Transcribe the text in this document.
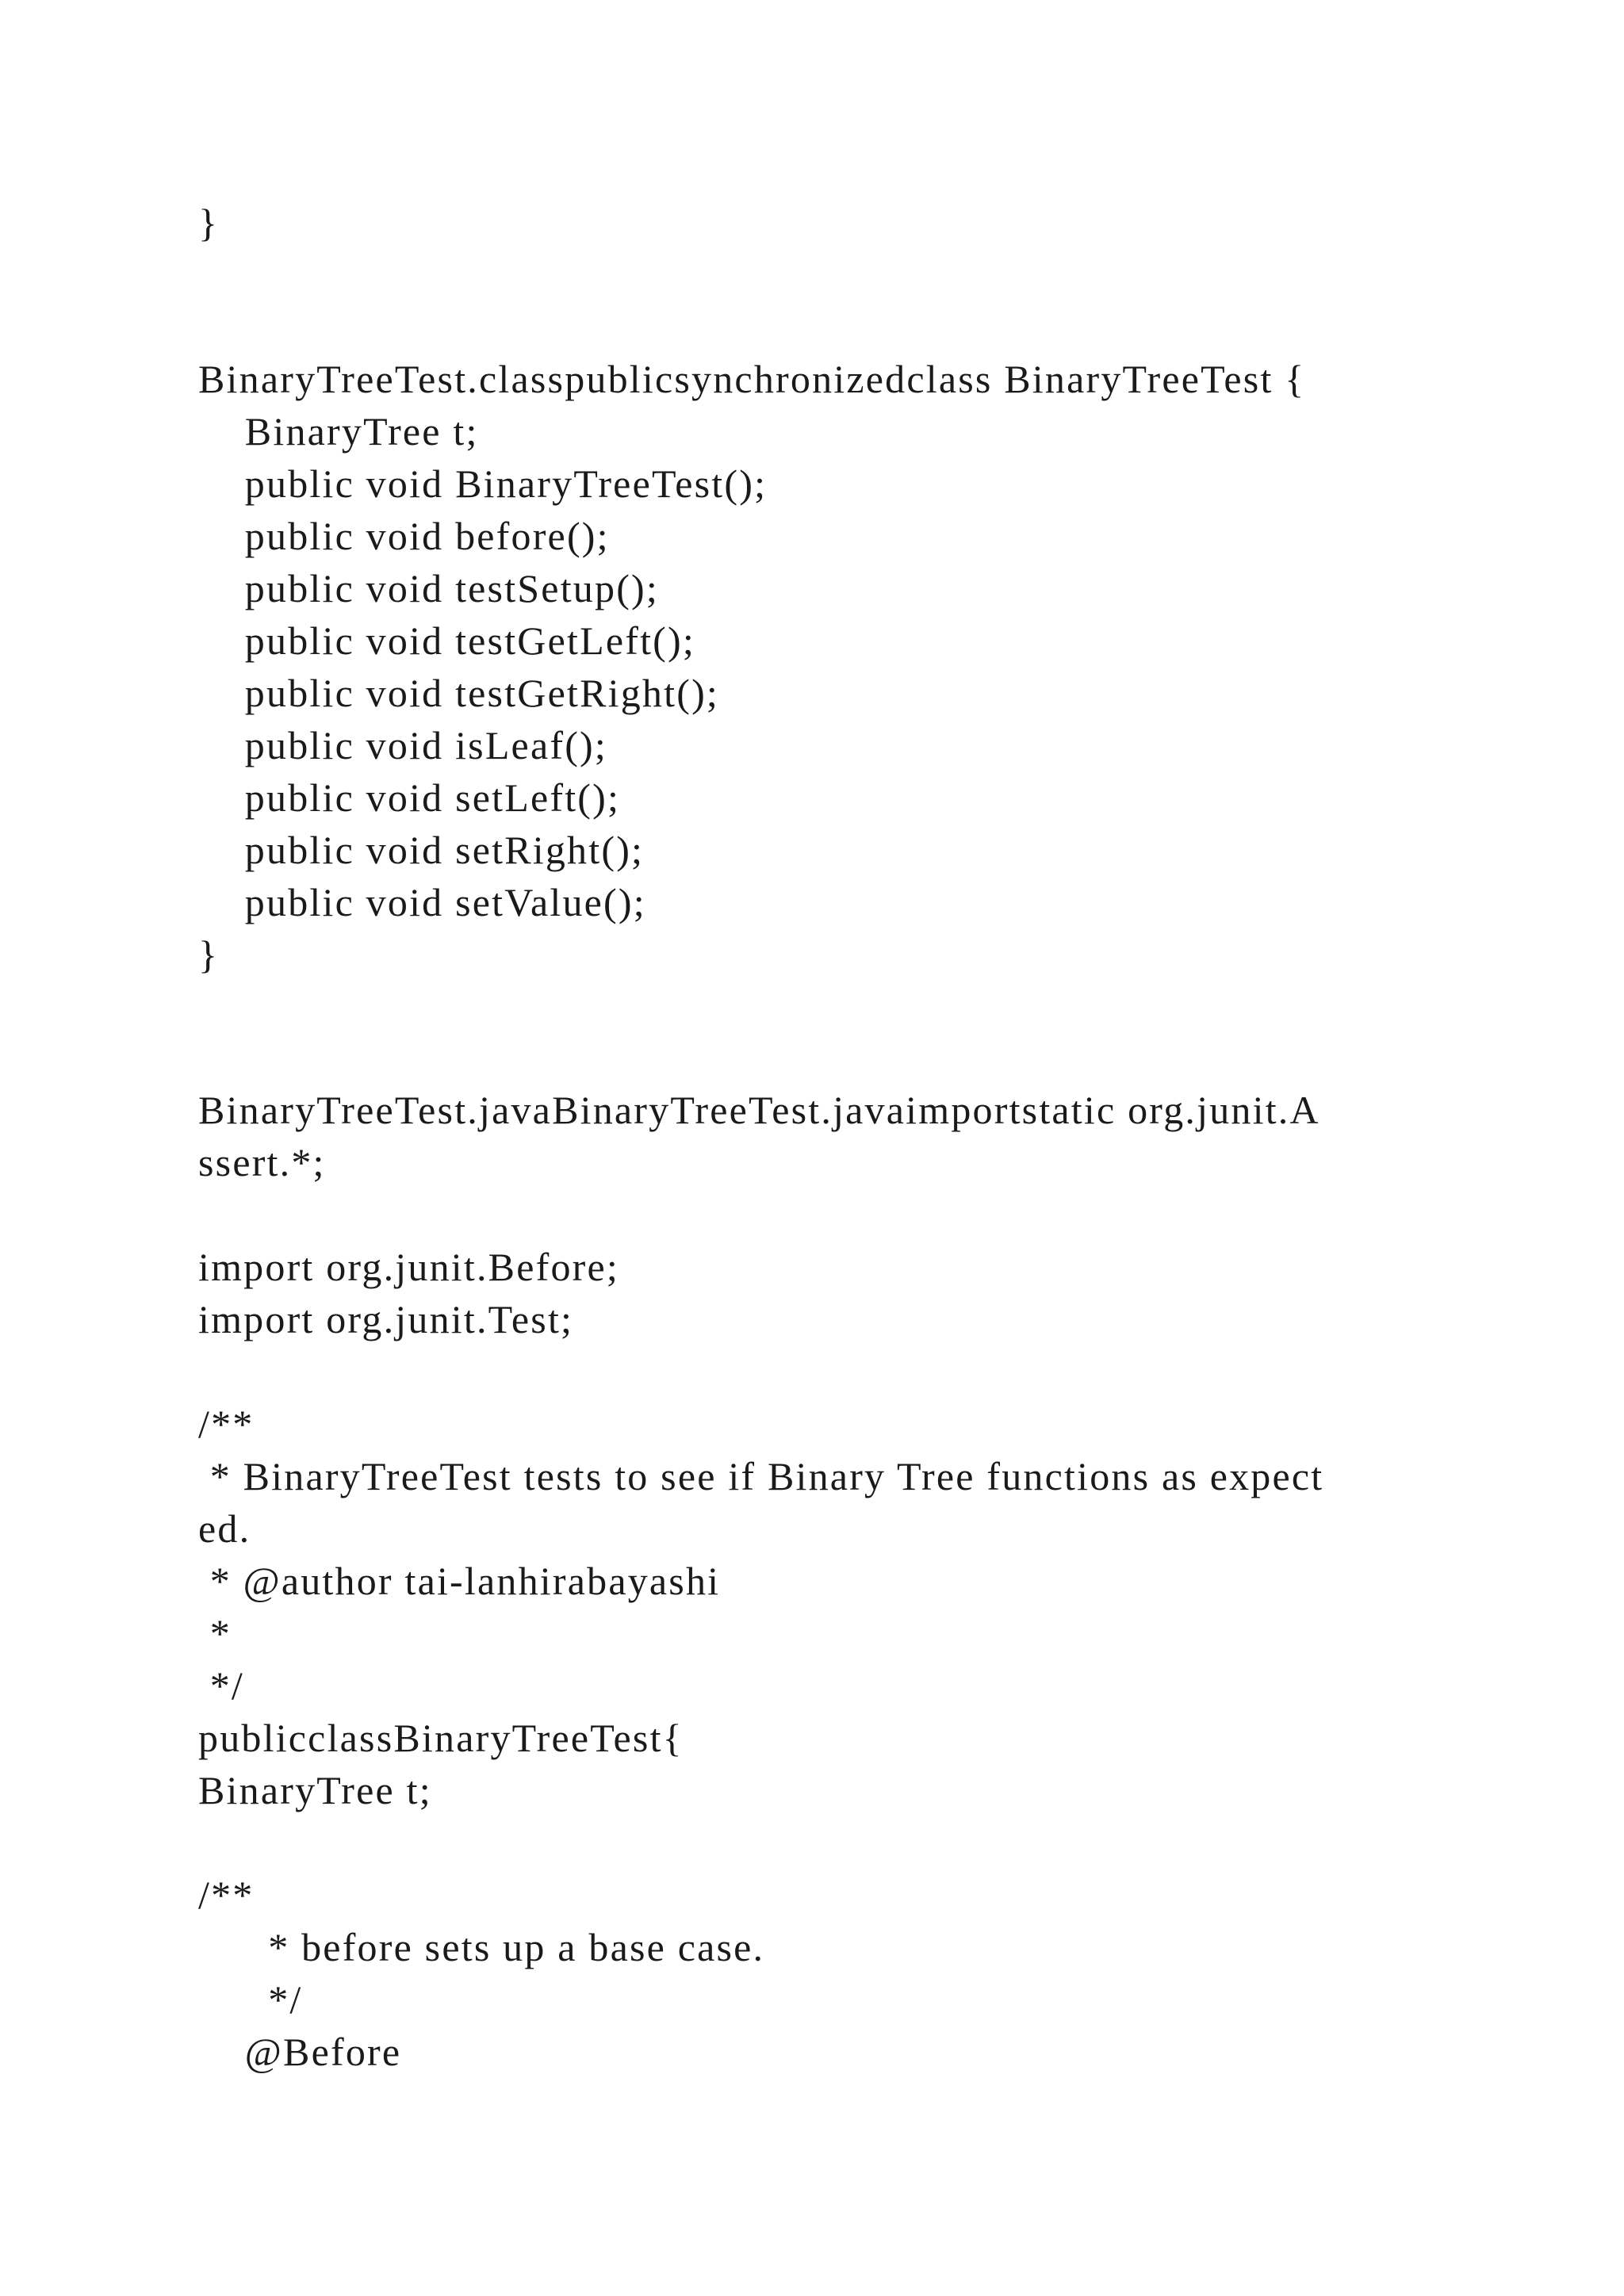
}
BinaryTreeTest.classpublicsynchronizedclass BinaryTreeTest {
BinaryTree t;
public void BinaryTreeTest();
public void before();
public void testSetup();
public void testGetLeft();
public void testGetRight();
public void isLeaf();
public void setLeft();
public void setRight();
public void setValue();
}
BinaryTreeTest.javaBinaryTreeTest.javaimportstatic org.junit.A
ssert.*;
import org.junit.Before;
import org.junit.Test;
/**
* BinaryTreeTest tests to see if Binary Tree functions as expect
ed.
* @author tai-lanhirabayashi
*
*/
publicclassBinaryTreeTest{
BinaryTree t;
/**
* before sets up a base case.
*/
@Before
